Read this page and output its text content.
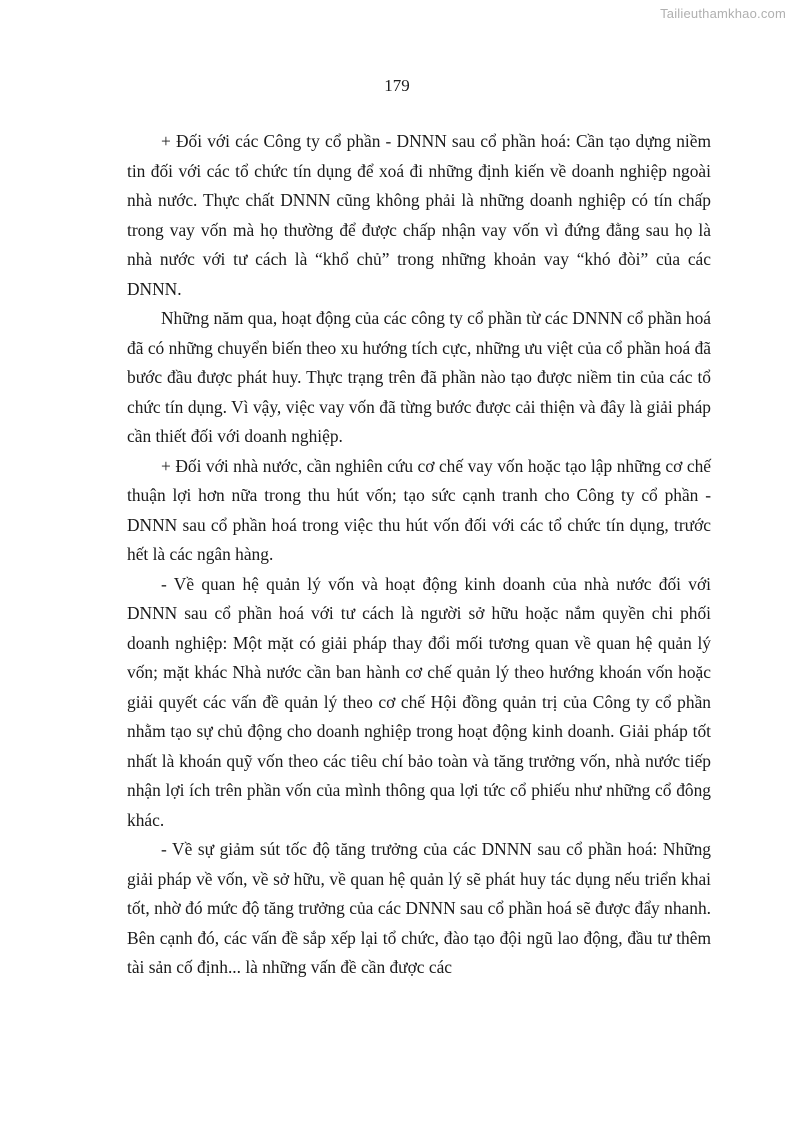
Tailieuthamkhao.com
179

+ Đối với các Công ty cổ phần - DNNN sau cổ phần hoá: Cần tạo dựng niềm tin đối với các tổ chức tín dụng để xoá đi những định kiến về doanh nghiệp ngoài nhà nước. Thực chất DNNN cũng không phải là những doanh nghiệp có tín chấp trong vay vốn mà họ thường để được chấp nhận vay vốn vì đứng đằng sau họ là nhà nước với tư cách là “khổ chủ” trong những khoản vay “khó đòi” của các DNNN.

Những năm qua, hoạt động của các công ty cổ phần từ các DNNN cổ phần hoá đã có những chuyển biến theo xu hướng tích cực, những ưu việt của cổ phần hoá đã bước đầu được phát huy. Thực trạng trên đã phần nào tạo được niềm tin của các tổ chức tín dụng. Vì vậy, việc vay vốn đã từng bước được cải thiện và đây là giải pháp cần thiết đối với doanh nghiệp.

+ Đối với nhà nước, cần nghiên cứu cơ chế vay vốn hoặc tạo lập những cơ chế thuận lợi hơn nữa trong thu hút vốn; tạo sức cạnh tranh cho Công ty cổ phần - DNNN sau cổ phần hoá trong việc thu hút vốn đối với các tổ chức tín dụng, trước hết là các ngân hàng.

- Về quan hệ quản lý vốn và hoạt động kinh doanh của nhà nước đối với DNNN sau cổ phần hoá với tư cách là người sở hữu hoặc nắm quyền chi phối doanh nghiệp: Một mặt có giải pháp thay đổi mối tương quan về quan hệ quản lý vốn; mặt khác Nhà nước cần ban hành cơ chế quản lý theo hướng khoán vốn hoặc giải quyết các vấn đề quản lý theo cơ chế Hội đồng quản trị của Công ty cổ phần nhằm tạo sự chủ động cho doanh nghiệp trong hoạt động kinh doanh. Giải pháp tốt nhất là khoán quỹ vốn theo các tiêu chí bảo toàn và tăng trưởng vốn, nhà nước tiếp nhận lợi ích trên phần vốn của mình thông qua lợi tức cổ phiếu như những cổ đông khác.

- Về sự giảm sút tốc độ tăng trưởng của các DNNN sau cổ phần hoá: Những giải pháp về vốn, về sở hữu, về quan hệ quản lý sẽ phát huy tác dụng nếu triển khai tốt, nhờ đó mức độ tăng trưởng của các DNNN sau cổ phần hoá sẽ được đẩy nhanh. Bên cạnh đó, các vấn đề sắp xếp lại tổ chức, đào tạo đội ngũ lao động, đầu tư thêm tài sản cố định... là những vấn đề cần được các
